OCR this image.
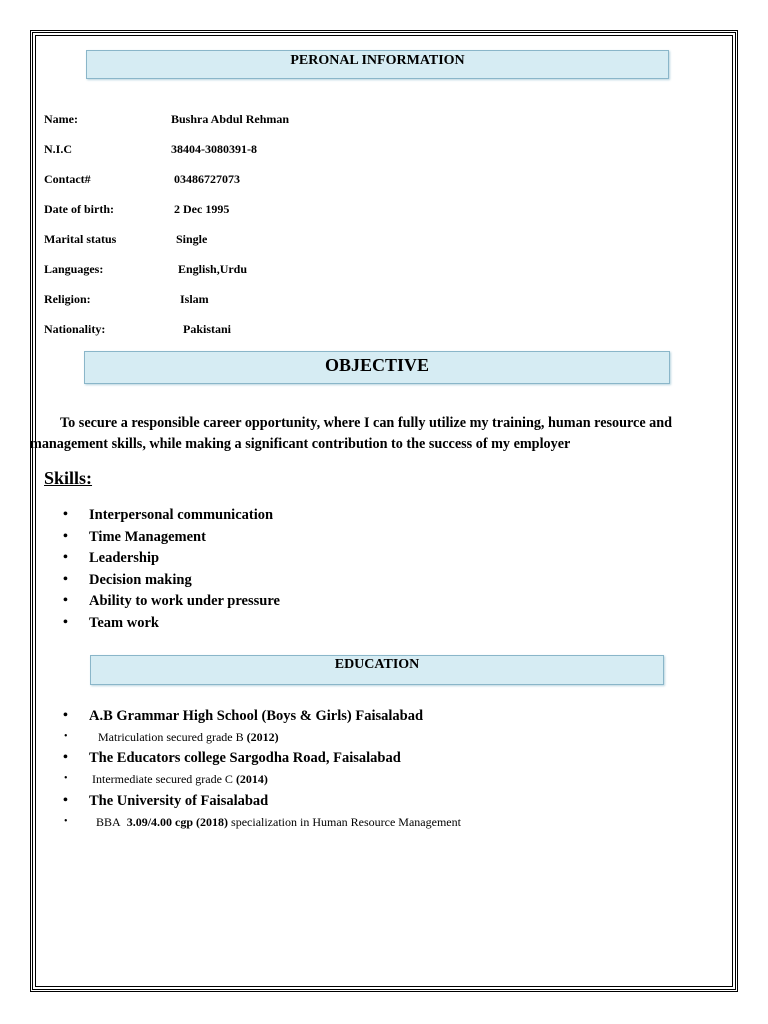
PERONAL INFORMATION
Name:	Bushra Abdul Rehman
N.I.C	38404-3080391-8
Contact#	03486727073
Date of birth:	2 Dec 1995
Marital status	Single
Languages:	English,Urdu
Religion:	Islam
Nationality:	Pakistani
OBJECTIVE
To secure a responsible career opportunity, where I can fully utilize my training, human resource and management skills, while making a significant contribution to the success of my employer
Skills:
• Interpersonal communication
• Time Management
• Leadership
• Decision making
• Ability to work under pressure
• Team work
EDUCATION
• A.B Grammar High School (Boys & Girls) Faisalabad
•	Matriculation secured grade B (2012)
• The Educators college Sargodha Road, Faisalabad
• Intermediate secured grade C (2014)
• The University of Faisalabad
• BBA 3.09/4.00 cgp (2018) specialization in Human Resource Management
